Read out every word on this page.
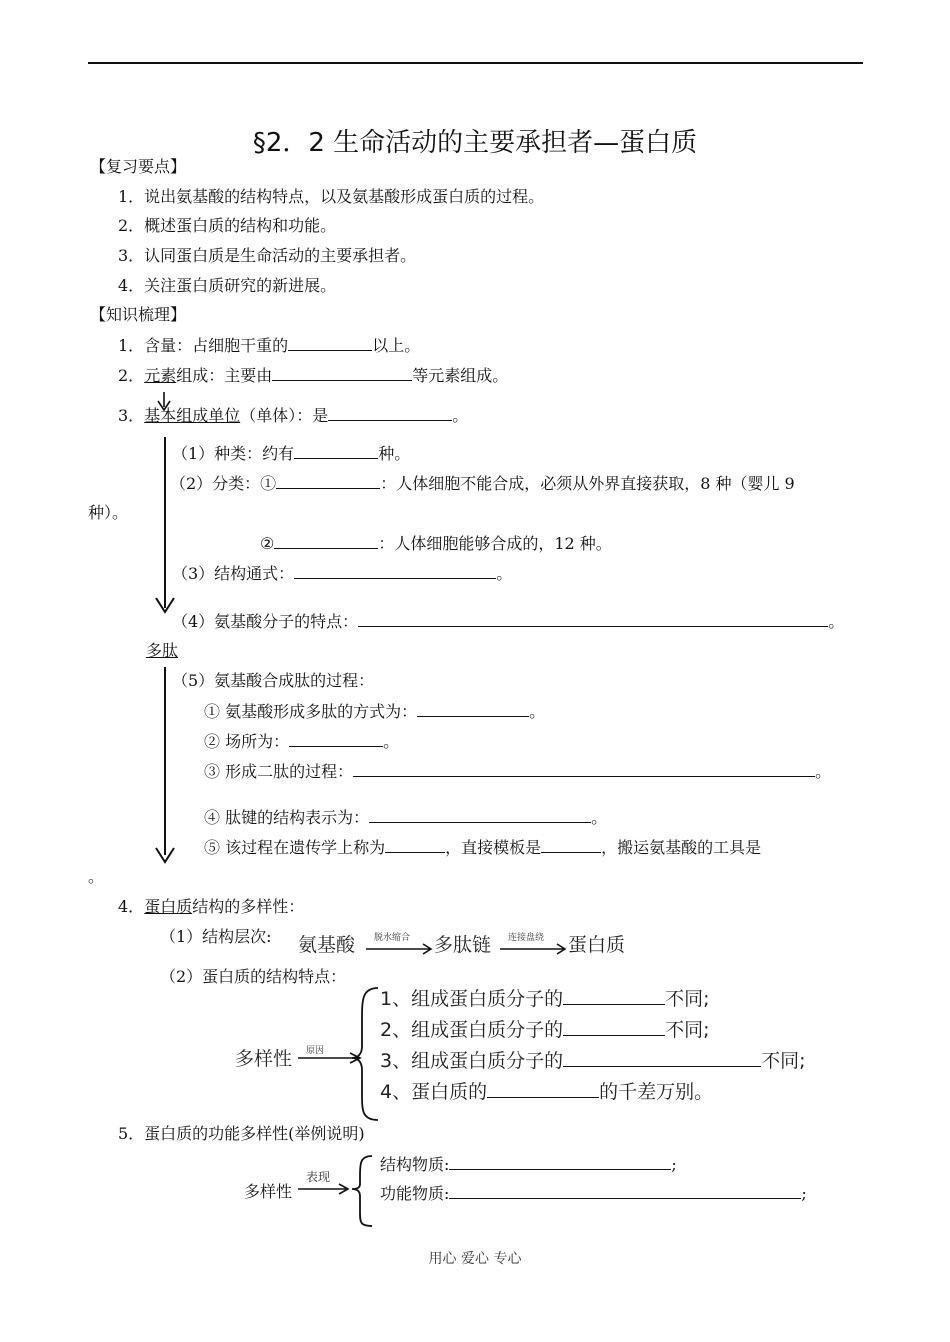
§2．2 生命活动的主要承担者—蛋白质
【复习要点】
1．说出氨基酸的结构特点，以及氨基酸形成蛋白质的过程。
2．概述蛋白质的结构和功能。
3．认同蛋白质是生命活动的主要承担者。
4．关注蛋白质研究的新进展。
【知识梳理】
1．含量：占细胞干重的	以上。
2．元素组成：主要由	等元素组成。
3．基本组成单位（单体）：是	。
（1）种类：约有	种。
（2）分类：①	：人体细胞不能合成，必须从外界直接获取，8 种（婴儿 9
种）。
②	：人体细胞能够合成的，12 种。
（3）结构通式：	。
（4）氨基酸分子的特点：	。
多肽
（5）氨基酸合成肽的过程：
① 氨基酸形成多肽的方式为：	。
② 场所为：	。
③ 形成二肽的过程：	。
④ 肽键的结构表示为：	。
⑤ 该过程在遗传学上称为	，直接模板是	，搬运氨基酸的工具是
。
4．蛋白质结构的多样性：
（1）结构层次: 氨基酸 脱水缩合 多肽链 连接盘绕 蛋白质
（2）蛋白质的结构特点：
多样性 原因
1、组成蛋白质分子的	不同;
2、组成蛋白质分子的	不同;
3、组成蛋白质分子的	不同;
4、蛋白质的	的千差万别。
5．蛋白质的功能多样性(举例说明)
多样性
表现
结构物质:	;
功能物质:	;
用心 爱心 专心
